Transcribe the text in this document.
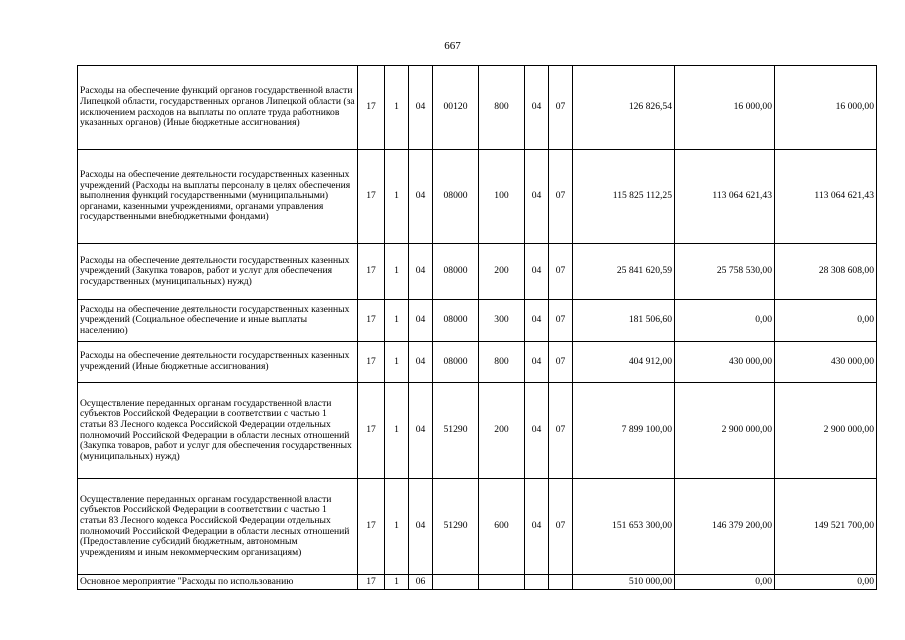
667
Расходы на обеспечение функций органов государственной власти Липецкой области, государственных органов Липецкой области (за исключением расходов на выплаты по оплате труда работников указанных органов) (Иные бюджетные ассигнования)	17	1	04	00120	800	04	07	126 826,54	16 000,00	16 000,00
Расходы на обеспечение деятельности государственных казенных учреждений (Расходы на выплаты персоналу в целях обеспечения выполнения функций государственными (муниципальными) органами, казенными учреждениями, органами управления государственными внебюджетными фондами)	17	1	04	08000	100	04	07	115 825 112,25	113 064 621,43	113 064 621,43
Расходы на обеспечение деятельности государственных казенных учреждений (Закупка товаров, работ и услуг для обеспечения государственных (муниципальных) нужд)	17	1	04	08000	200	04	07	25 841 620,59	25 758 530,00	28 308 608,00
Расходы на обеспечение деятельности государственных казенных учреждений (Социальное обеспечение и иные выплаты населению)	17	1	04	08000	300	04	07	181 506,60	0,00	0,00
Расходы на обеспечение деятельности государственных казенных учреждений (Иные бюджетные ассигнования)	17	1	04	08000	800	04	07	404 912,00	430 000,00	430 000,00
Осуществление переданных органам государственной власти субъектов Российской Федерации в соответствии с частью 1 статьи 83 Лесного кодекса Российской Федерации отдельных полномочий Российской Федерации в области лесных отношений (Закупка товаров, работ и услуг для обеспечения государственных (муниципальных) нужд)	17	1	04	51290	200	04	07	7 899 100,00	2 900 000,00	2 900 000,00
Осуществление переданных органам государственной власти субъектов Российской Федерации в соответствии с частью 1 статьи 83 Лесного кодекса Российской Федерации отдельных полномочий Российской Федерации в области лесных отношений (Предоставление субсидий бюджетным, автономным учреждениям и иным некоммерческим организациям)	17	1	04	51290	600	04	07	151 653 300,00	146 379 200,00	149 521 700,00
Основное мероприятие "Расходы по использованию	17	1	06					510 000,00	0,00	0,00
